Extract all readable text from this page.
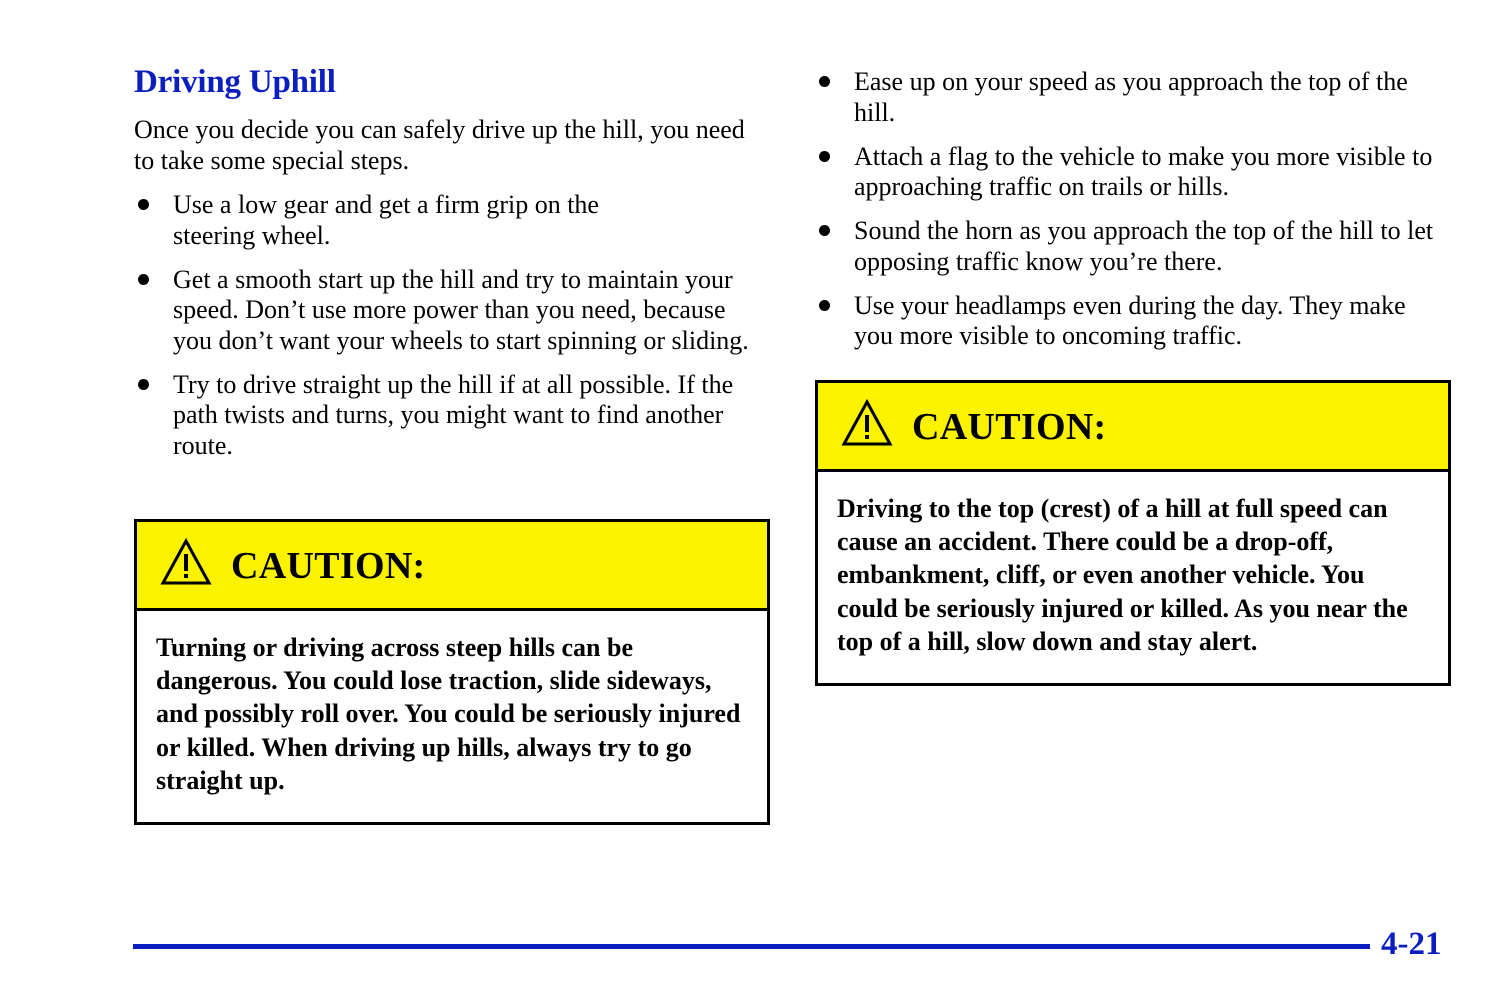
Driving Uphill

Once you decide you can safely drive up the hill, you need to take some special steps.

Use a low gear and get a firm grip on the steering wheel.
Get a smooth start up the hill and try to maintain your speed. Don’t use more power than you need, because you don’t want your wheels to start spinning or sliding.
Try to drive straight up the hill if at all possible. If the path twists and turns, you might want to find another route.
CAUTION:
Turning or driving across steep hills can be dangerous. You could lose traction, slide sideways, and possibly roll over. You could be seriously injured or killed. When driving up hills, always try to go straight up.
Ease up on your speed as you approach the top of the hill.
Attach a flag to the vehicle to make you more visible to approaching traffic on trails or hills.
Sound the horn as you approach the top of the hill to let opposing traffic know you’re there.
Use your headlamps even during the day. They make you more visible to oncoming traffic.
CAUTION:
Driving to the top (crest) of a hill at full speed can cause an accident. There could be a drop-off, embankment, cliff, or even another vehicle. You could be seriously injured or killed. As you near the top of a hill, slow down and stay alert.

4-21
